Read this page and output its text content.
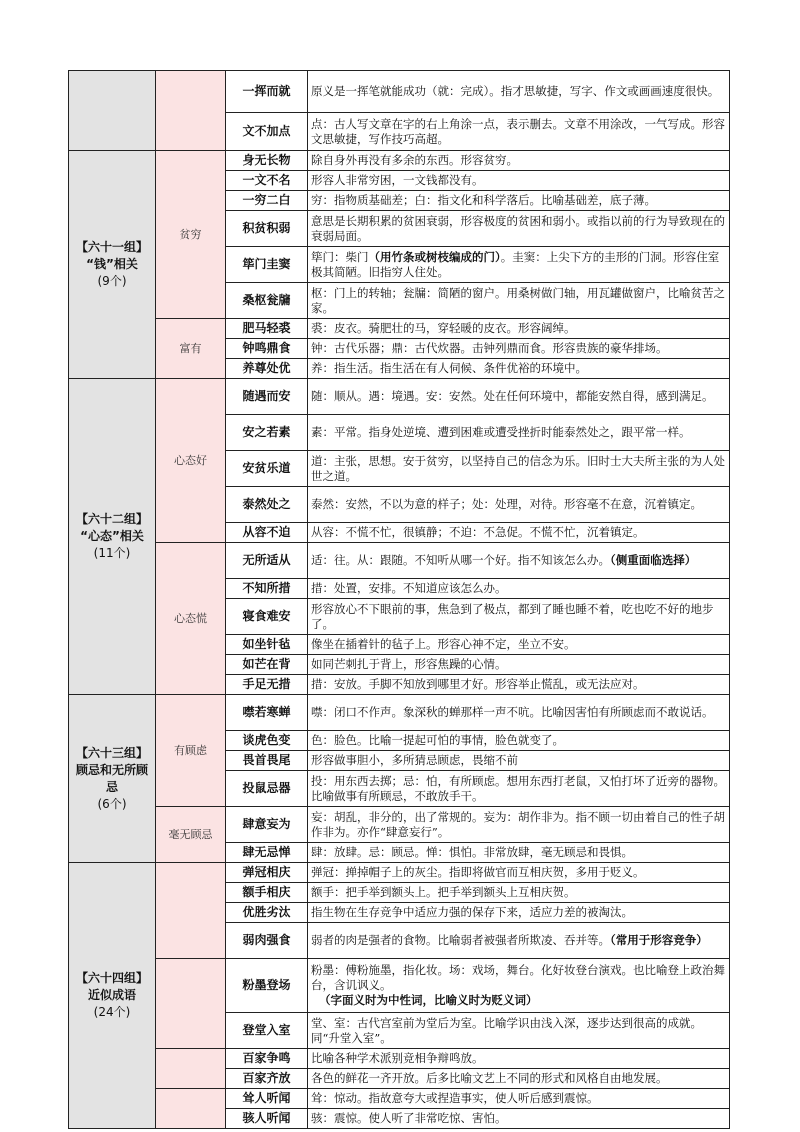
		一挥而就	原义是一挥笔就能成功（就：完成）。指才思敏捷，写字、作文或画画速度很快。
		文不加点	点：古人写文章在字的右上角涂一点，表示删去。文章不用涂改，一气写成。形容文思敏捷，写作技巧高超。

【六十一组】
“钱”相关
(9个)	贫穷	身无长物	除自身外再没有多余的东西。形容贫穷。
		一文不名	形容人非常穷困，一文钱都没有。
		一穷二白	穷：指物质基础差；白：指文化和科学落后。比喻基础差，底子薄。
		积贫积弱	意思是长期积累的贫困衰弱，形容极度的贫困和弱小。或指以前的行为导致现在的衰弱局面。
		筚门圭窦	筚门：柴门（用竹条或树枝编成的门）。圭窦：上尖下方的圭形的门洞。形容住室极其简陋。旧指穷人住处。
		桑枢瓮牖	枢：门上的转轴；瓮牖：简陋的窗户。用桑树做门轴，用瓦罐做窗户，比喻贫苦之家。
	富有	肥马轻裘	裘：皮衣。骑肥壮的马，穿轻暖的皮衣。形容阔绰。
		钟鸣鼎食	钟：古代乐器；鼎：古代炊器。击钟列鼎而食。形容贵族的豪华排场。
		养尊处优	养：指生活。指生活在有人伺候、条件优裕的环境中。

【六十二组】
“心态”相关
(11个)	心态好	随遇而安	随：顺从。遇：境遇。安：安然。处在任何环境中，都能安然自得，感到满足。
		安之若素	素：平常。指身处逆境、遭到困难或遭受挫折时能泰然处之，跟平常一样。
		安贫乐道	道：主张，思想。安于贫穷，以坚持自己的信念为乐。旧时士大夫所主张的为人处世之道。
		泰然处之	泰然：安然，不以为意的样子；处：处理，对待。形容毫不在意，沉着镇定。
		从容不迫	从容：不慌不忙，很镇静；不迫：不急促。不慌不忙，沉着镇定。
	心态慌	无所适从	适：往。从：跟随。不知听从哪一个好。指不知该怎么办。（侧重面临选择）
		不知所措	措：处置，安排。不知道应该怎么办。
		寝食难安	形容放心不下眼前的事，焦急到了极点，都到了睡也睡不着，吃也吃不好的地步了。
		如坐针毡	像坐在插着针的毡子上。形容心神不定，坐立不安。
		如芒在背	如同芒刺扎于背上，形容焦躁的心情。
		手足无措	措：安放。手脚不知放到哪里才好。形容举止慌乱，或无法应对。

【六十三组】
顾忌和无所顾忌
(6个)	有顾虑	噤若寒蝉	噤：闭口不作声。象深秋的蝉那样一声不吭。比喻因害怕有所顾虑而不敢说话。
		谈虎色变	色：脸色。比喻一提起可怕的事情，脸色就变了。
		畏首畏尾	形容做事胆小，多所猜忌顾虑，畏缩不前
		投鼠忌器	投：用东西去掷；忌：怕，有所顾虑。想用东西打老鼠，又怕打坏了近旁的器物。比喻做事有所顾忌，不敢放手干。
	毫无顾忌	肆意妄为	妄：胡乱，非分的，出了常规的。妄为：胡作非为。指不顾一切由着自己的性子胡作非为。亦作“肆意妄行”。
		肆无忌惮	肆：放肆。忌：顾忌。惮：惧怕。非常放肆，毫无顾忌和畏惧。

【六十四组】
近似成语
(24个)		弹冠相庆	弹冠：掸掉帽子上的灰尘。指即将做官而互相庆贺，多用于贬义。
		额手相庆	额手：把手举到额头上。把手举到额头上互相庆贺。
		优胜劣汰	指生物在生存竞争中适应力强的保存下来，适应力差的被淘汰。
		弱肉强食	弱者的肉是强者的食物。比喻弱者被强者所欺凌、吞并等。（常用于形容竞争）
		粉墨登场	粉墨：傅粉施墨，指化妆。场：戏场，舞台。化好妆登台演戏。也比喻登上政治舞台，含讥讽义。
（字面义时为中性词，比喻义时为贬义词）

		登堂入室	堂、室：古代宫室前为堂后为室。比喻学识由浅入深，逐步达到很高的成就。同“升堂入室”。
		百家争鸣	比喻各种学术派别竞相争辩鸣放。
		百家齐放	各色的鲜花一齐开放。后多比喻文艺上不同的形式和风格自由地发展。
		耸人听闻	耸：惊动。指故意夸大或捏造事实，使人听后感到震惊。
		骇人听闻	骇：震惊。使人听了非常吃惊、害怕。
